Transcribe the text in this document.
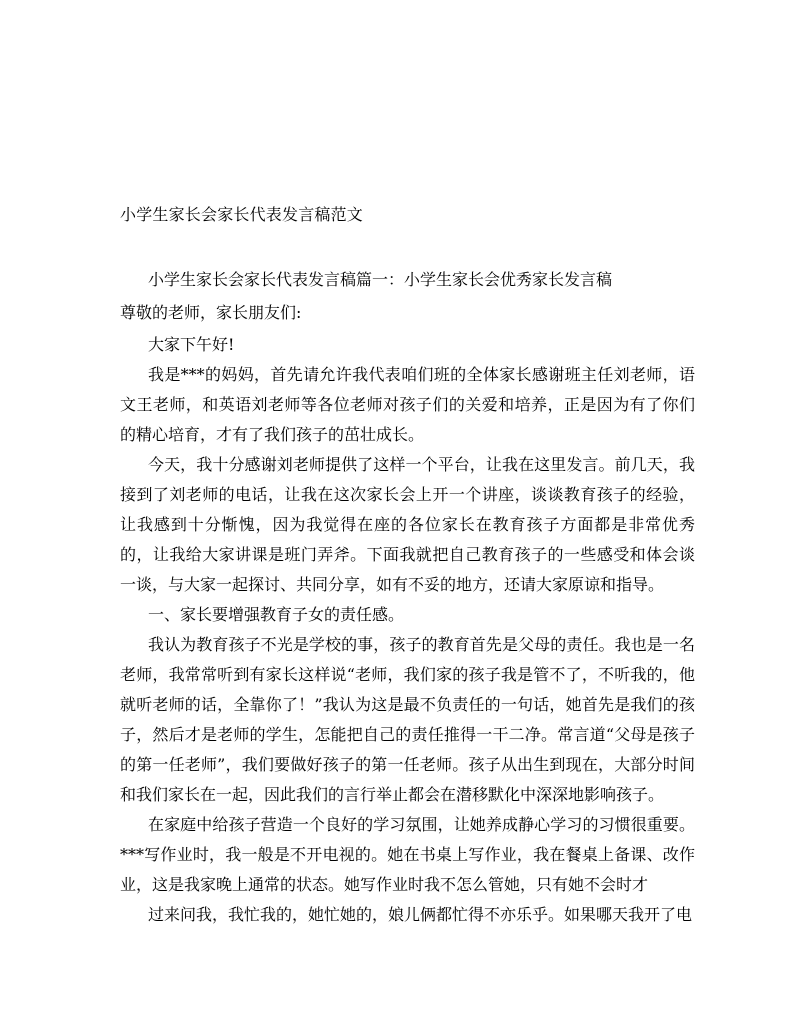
小学生家长会家长代表发言稿范文
小学生家长会家长代表发言稿篇一：小学生家长会优秀家长发言稿
尊敬的老师，家长朋友们:

大家下午好!

我是***的妈妈，首先请允许我代表咱们班的全体家长感谢班主任刘老师，语文王老师，和英语刘老师等各位老师对孩子们的关爱和培养，正是因为有了你们的精心培育，才有了我们孩子的茁壮成长。

今天，我十分感谢刘老师提供了这样一个平台，让我在这里发言。前几天，我接到了刘老师的电话，让我在这次家长会上开一个讲座，谈谈教育孩子的经验，让我感到十分惭愧，因为我觉得在座的各位家长在教育孩子方面都是非常优秀的，让我给大家讲课是班门弄斧。下面我就把自己教育孩子的一些感受和体会谈一谈，与大家一起探讨、共同分享，如有不妥的地方，还请大家原谅和指导。

一、家长要增强教育子女的责任感。

我认为教育孩子不光是学校的事，孩子的教育首先是父母的责任。我也是一名老师，我常常听到有家长这样说“老师，我们家的孩子我是管不了，不听我的，他就听老师的话，全靠你了！”我认为这是最不负责任的一句话，她首先是我们的孩子，然后才是老师的学生，怎能把自己的责任推得一干二净。常言道“父母是孩子的第一任老师”，我们要做好孩子的第一任老师。孩子从出生到现在，大部分时间和我们家长在一起，因此我们的言行举止都会在潜移默化中深深地影响孩子。

在家庭中给孩子营造一个良好的学习氛围，让她养成静心学习的习惯很重要。***写作业时，我一般是不开电视的。她在书桌上写作业，我在餐桌上备课、改作业，这是我家晚上通常的状态。她写作业时我不怎么管她，只有她不会时才

过来问我，我忙我的，她忙她的，娘儿俩都忙得不亦乐乎。如果哪天我开了电
